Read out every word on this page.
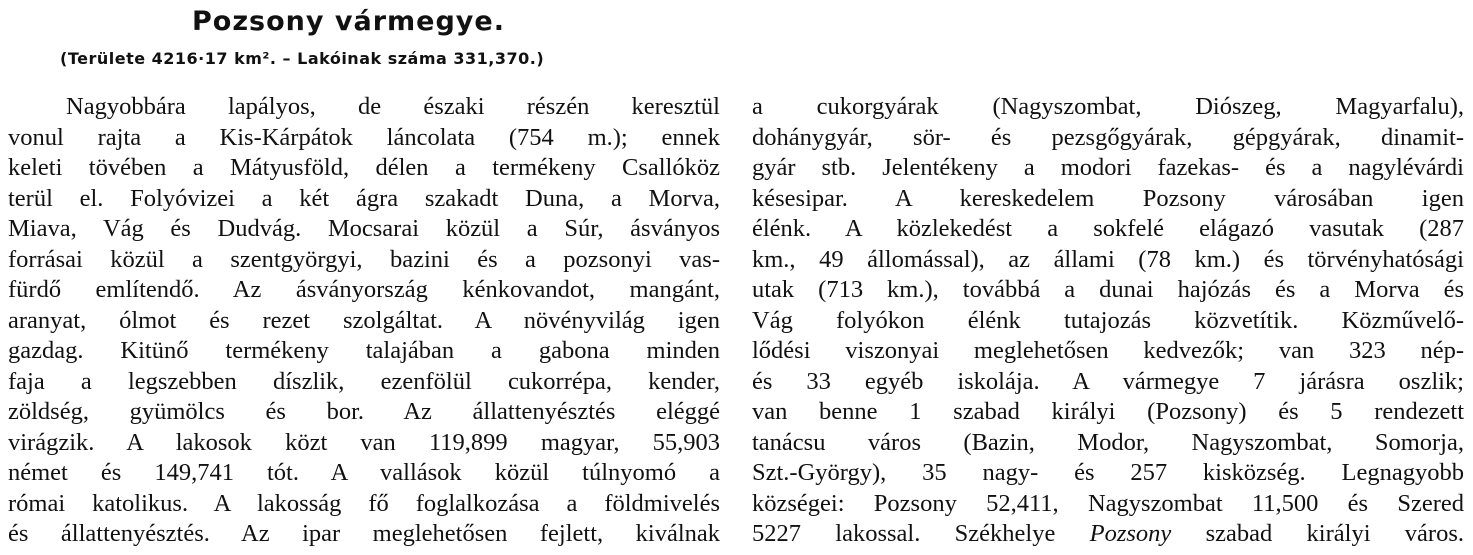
Pozsony vármegye.
(Területe 4216·17 km². – Lakóinak száma 331,370.)
Nagyobbára lapályos, de északi részén keresztül
vonul rajta a Kis-Kárpátok láncolata (754 m.); ennek
keleti tövében a Mátyusföld, délen a termékeny Csallóköz
terül el. Folyóvizei a két ágra szakadt Duna, a Morva,
Miava, Vág és Dudvág. Mocsarai közül a Súr, ásványos
forrásai közül a szentgyörgyi, bazini és a pozsonyi vas-
fürdő említendő. Az ásványország kénkovandot, mangánt,
aranyat, ólmot és rezet szolgáltat. A növényvilág igen
gazdag. Kitünő termékeny talajában a gabona minden
faja a legszebben díszlik, ezenfölül cukorrépa, kender,
zöldség, gyümölcs és bor. Az állattenyésztés eléggé
virágzik. A lakosok közt van 119,899 magyar, 55,903
német és 149,741 tót. A vallások közül túlnyomó a
római katolikus. A lakosság fő foglalkozása a földmivelés
és állattenyésztés. Az ipar meglehetősen fejlett, kiválnak
a cukorgyárak (Nagyszombat, Diószeg, Magyarfalu),
dohánygyár, sör- és pezsgőgyárak, gépgyárak, dinamit-
gyár stb. Jelentékeny a modori fazekas- és a nagylévárdi
késesipar. A kereskedelem Pozsony városában igen
élénk. A közlekedést a sokfelé elágazó vasutak (287
km., 49 állomással), az állami (78 km.) és törvényhatósági
utak (713 km.), továbbá a dunai hajózás és a Morva és
Vág folyókon élénk tutajozás közvetítik. Közművelő-
lődési viszonyai meglehetősen kedvezők; van 323 nép-
és 33 egyéb iskolája. A vármegye 7 járásra oszlik;
van benne 1 szabad királyi (Pozsony) és 5 rendezett
tanácsu város (Bazin, Modor, Nagyszombat, Somorja,
Szt.-György), 35 nagy- és 257 kisközség. Legnagyobb
községei: Pozsony 52,411, Nagyszombat 11,500 és Szered
5227 lakossal. Székhelye Pozsony szabad királyi város.
